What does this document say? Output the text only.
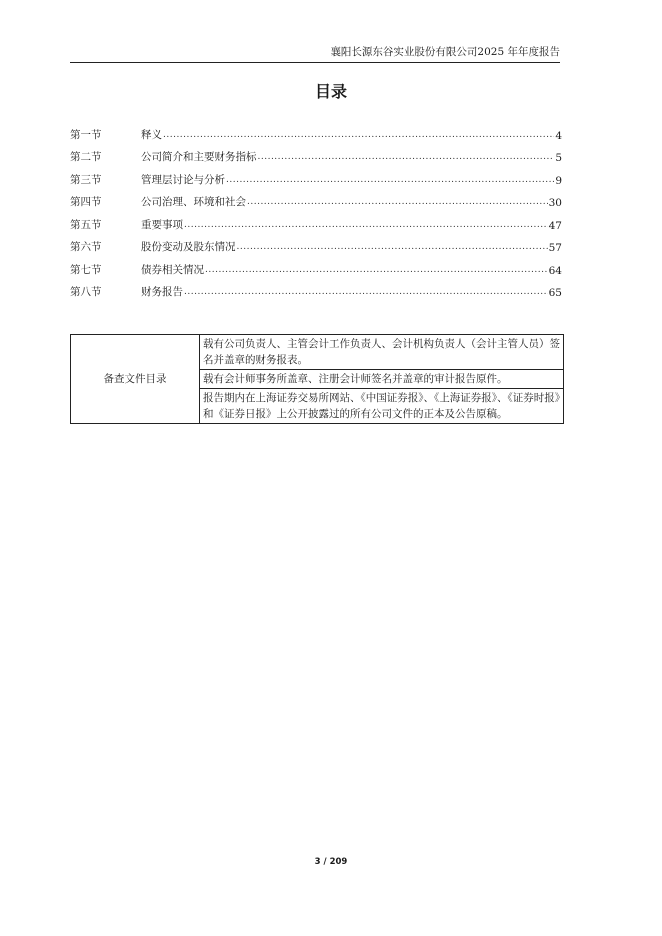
襄阳长源东谷实业股份有限公司2025 年年度报告
目录
第一节	释义 .....	4
第二节	公司简介和主要财务指标 .....	5
第三节	管理层讨论与分析 .....	9
第四节	公司治理、环境和社会 .....	30
第五节	重要事项 .....	47
第六节	股份变动及股东情况 .....	57
第七节	债券相关情况 .....	64
第八节	财务报告 .....	65
备查文件目录	载有公司负责人、主管会计工作负责人、会计机构负责人（会计主管人员）签名并盖章的财务报表。
载有会计师事务所盖章、注册会计师签名并盖章的审计报告原件。
报告期内在上海证券交易所网站、《中国证券报》、《上海证券报》、《证券时报》和《证券日报》上公开披露过的所有公司文件的正本及公告原稿。
3 / 209
